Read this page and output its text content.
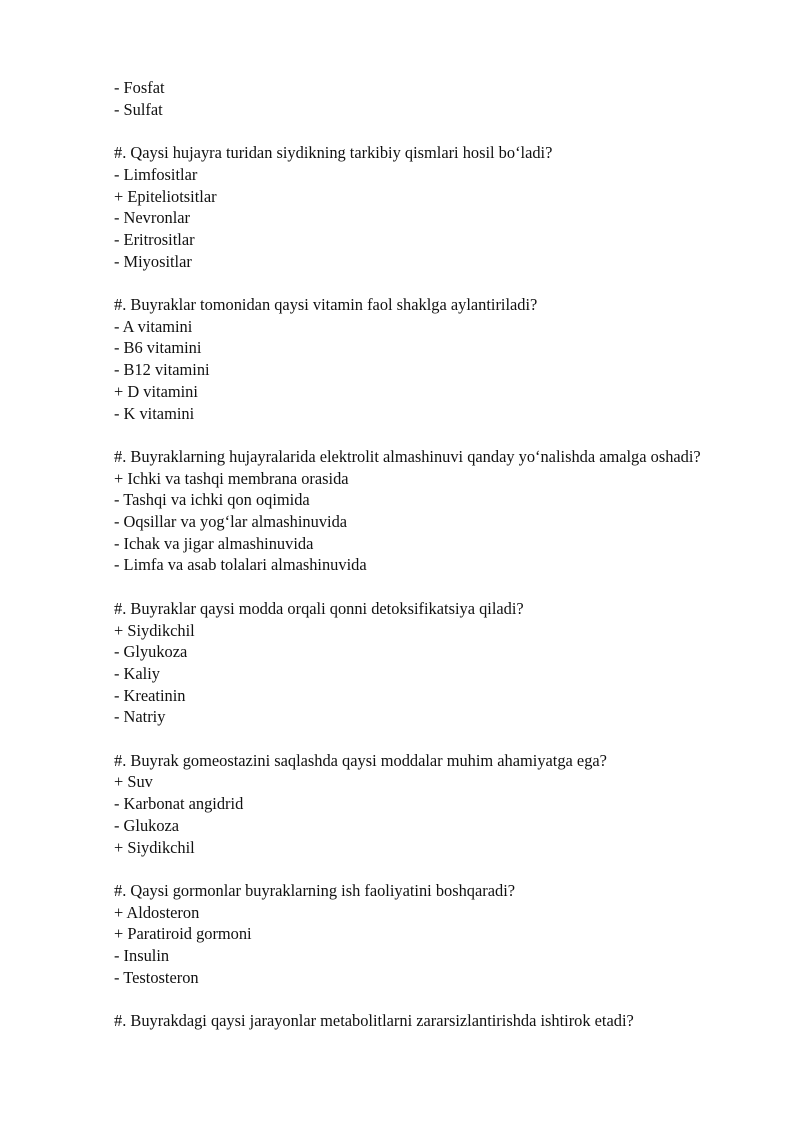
- Fosfat

- Sulfat

#. Qaysi hujayra turidan siydikning tarkibiy qismlari hosil bo‘ladi?

- Limfositlar

+ Epiteliotsitlar

- Nevronlar

- Eritrositlar

- Miyositlar

#. Buyraklar tomonidan qaysi vitamin faol shaklga aylantiriladi?

- A vitamini

- B6 vitamini

- B12 vitamini

+ D vitamini

- K vitamini

#. Buyraklarning hujayralarida elektrolit almashinuvi qanday yo‘nalishda amalga oshadi?

+ Ichki va tashqi membrana orasida

- Tashqi va ichki qon oqimida

- Oqsillar va yog‘lar almashinuvida

- Ichak va jigar almashinuvida

- Limfa va asab tolalari almashinuvida

#. Buyraklar qaysi modda orqali qonni detoksifikatsiya qiladi?

+ Siydikchil

- Glyukoza

- Kaliy

- Kreatinin

- Natriy

#. Buyrak gomeostazini saqlashda qaysi moddalar muhim ahamiyatga ega?

+ Suv

- Karbonat angidrid

- Glukoza

+ Siydikchil

#. Qaysi gormonlar buyraklarning ish faoliyatini boshqaradi?

+ Aldosteron

+ Paratiroid gormoni

- Insulin

- Testosteron

#. Buyrakdagi qaysi jarayonlar metabolitlarni zararsizlantirishda ishtirok etadi?
